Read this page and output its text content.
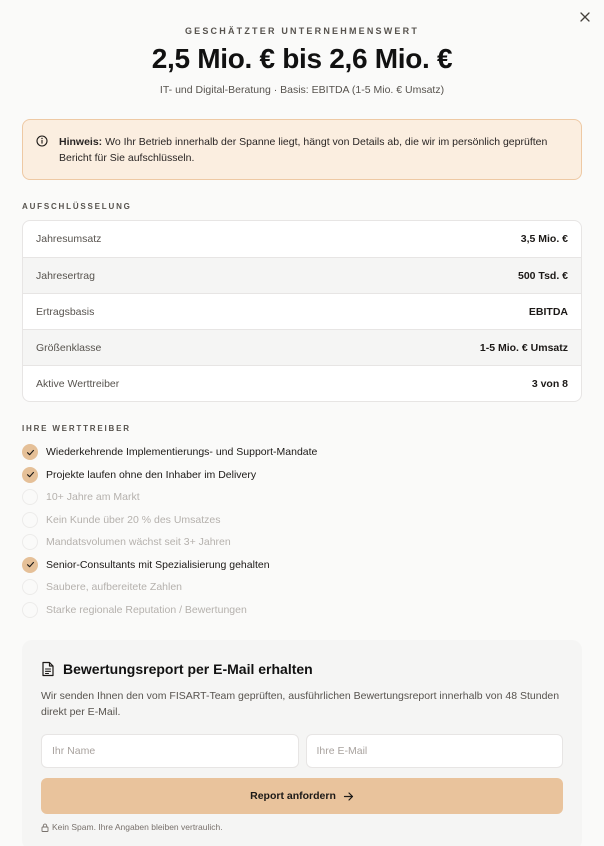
GESCHÄTZTER UNTERNEHMENSWERT
2,5 Mio. € bis 2,6 Mio. €
IT- und Digital-Beratung · Basis: EBITDA (1-5 Mio. € Umsatz)
Hinweis: Wo Ihr Betrieb innerhalb der Spanne liegt, hängt von Details ab, die wir im persönlich geprüften Bericht für Sie aufschlüsseln.
AUFSCHLÜSSELUNG
Jahresumsatz	3,5 Mio. €
Jahresertrag	500 Tsd. €
Ertragsbasis	EBITDA
Größenklasse	1-5 Mio. € Umsatz
Aktive Werttreiber	3 von 8
IHRE WERTTREIBER
Wiederkehrende Implementierungs- und Support-Mandate
Projekte laufen ohne den Inhaber im Delivery
10+ Jahre am Markt
Kein Kunde über 20 % des Umsatzes
Mandatsvolumen wächst seit 3+ Jahren
Senior-Consultants mit Spezialisierung gehalten
Saubere, aufbereitete Zahlen
Starke regionale Reputation / Bewertungen
Bewertungsreport per E-Mail erhalten
Wir senden Ihnen den vom FISART-Team geprüften, ausführlichen Bewertungsreport innerhalb von 48 Stunden direkt per E-Mail.
Ihr Name
Ihre E-Mail
Report anfordern
Kein Spam. Ihre Angaben bleiben vertraulich.
